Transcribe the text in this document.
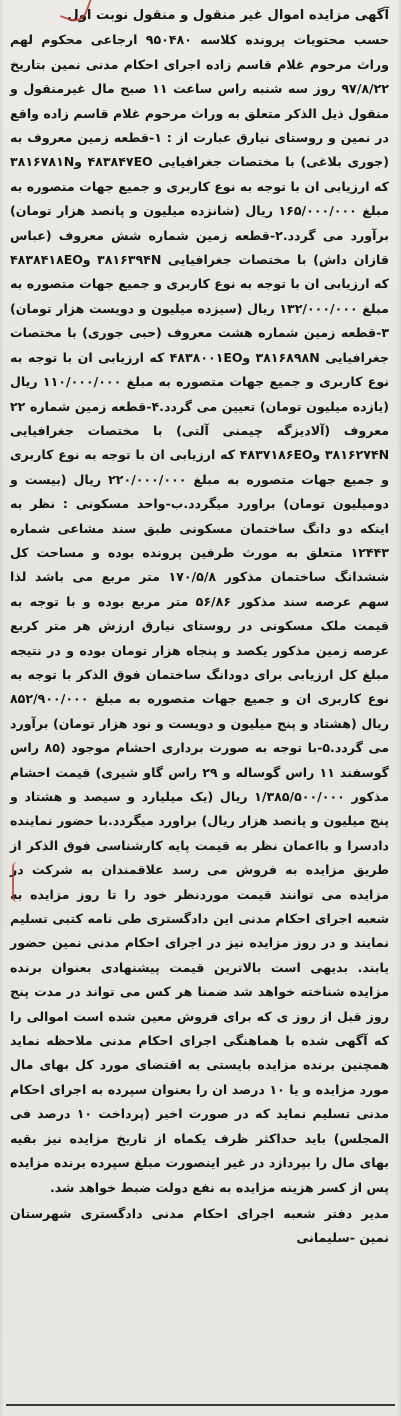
آگهی مزایده اموال غیر منقول و منقول نوبت اول
حسب محتویات پرونده کلاسه ۹۵۰۴۸۰ ارجاعی محکوم لهم وراث مرحوم غلام قاسم زاده اجرای احکام مدنی نمین بتاریخ ۹۷/۸/۲۲ روز سه شنبه راس ساعت ۱۱ صبح مال غیرمنقول و منقول ذیل الذکر متعلق به وراث مرحوم غلام قاسم زاده واقع در نمین و روستای نیارق عبارت از : ۱-قطعه زمین معروف به (جوری بلاغی) با مختصات جغرافیایی ۴۸۳۸۴۷EO و۳۸۱۶۷۸۱N که ارزیابی ان با توجه به نوع کاربری و جمیع جهات متصوره به مبلغ ۱۶۵/۰۰۰/۰۰۰ ریال (شانزده میلیون و پانصد هزار تومان) برآورد می گردد.۲-قطعه زمین شماره شش معروف (عباس قازان داش) با مختصات جغرافیایی ۳۸۱۶۳۹۴N و۴۸۳۸۴۱۸EO که ارزیابی ان با توجه به نوع کاربری و جمیع جهات متصوره به مبلغ ۱۳۲/۰۰۰/۰۰۰ ریال (سیزده میلیون و دویست هزار تومان) ۳-قطعه زمین شماره هشت معروف (حبی جوری) با مختصات جغرافیایی ۳۸۱۶۸۹۸N و۴۸۳۸۰۰۱EO که ارزیابی ان با توجه به نوع کاربری و جمیع جهات متصوره به مبلغ ۱۱۰/۰۰۰/۰۰۰ ریال (یازده میلیون تومان) تعیین می گردد.۴-قطعه زمین شماره ۲۲ معروف (آلادیزگه چیمنی آلتی) با مختصات جغرافیایی ۳۸۱۶۲۷۴N و۴۸۳۷۱۸۶EO که ارزیابی ان با توجه به نوع کاربری و جمیع جهات متصوره به مبلغ ۲۲۰/۰۰۰/۰۰۰ ریال (بیست و دومیلیون تومان) براورد میگردد.ب-واحد مسکونی : نظر به اینکه دو دانگ ساختمان مسکونی طبق سند مشاعی شماره ۱۲۴۴۳ متعلق به مورث طرفین پرونده بوده و مساحت کل ششدانگ ساختمان مذکور ۱۷۰/۵/۸ متر مربع می باشد لذا سهم عرصه سند مذکور ۵۶/۸۶ متر مربع بوده و با توجه به قیمت ملک مسکونی در روستای نیارق ارزش هر متر کربع عرصه زمین مذکور یکصد و پنجاه هزار تومان بوده و در نتیجه مبلغ کل ارزیابی برای دودانگ ساختمان فوق الذکر با توجه به نوع کاربری ان و جمیع جهات متصوره به مبلغ ۸۵۲/۹۰۰/۰۰۰ ریال (هشتاد و پنج میلیون و دویست و نود هزار تومان) برآورد می گردد.۵-با توجه به صورت برداری احشام موجود (۸۵ راس گوسفند ۱۱ راس گوساله و ۲۹ راس گاو شیری) قیمت احشام مذکور ۱/۳۸۵/۵۰۰/۰۰۰ ریال (یک میلیارد و سیصد و هشتاد و پنج میلیون و پانصد هزار ریال) براورد میگردد.با حضور نماینده دادسرا و بااعمان نظر به قیمت پایه کارشناسی فوق الذکر از طریق مزایده به فروش می رسد علاقمندان به شرکت در مزایده می توانند قیمت موردنظر خود را تا روز مزایده به شعبه اجرای احکام مدنی این دادگستری طی نامه کتبی تسلیم نمایند و در روز مزایده نیز در اجرای احکام مدنی نمین حضور یابند. بدیهی است بالاترین قیمت پیشنهادی بعنوان برنده مزایده شناخته خواهد شد ضمنا هر کس می تواند در مدت پنج روز قبل از روز ی که برای فروش معین شده است اموالی را که آگهی شده با هماهنگی اجرای احکام مدنی ملاحظه نماید همچنین برنده مزایده بایستی به اقتضای مورد کل بهای مال مورد مزایده و یا ۱۰ درصد ان را بعنوان سپرده به اجرای احکام مدنی تسلیم نماید که در صورت اخیر (پرداخت ۱۰ درصد فی المجلس) باید حداکثر ظرف یکماه از تاریخ مزایده نیز بقیه بهای مال را بپردازد در غیر اینصورت مبلغ سپرده برنده مزایده پس از کسر هزینه مزایده به نفع دولت ضبط خواهد شد.
مدیر دفتر شعبه اجرای احکام مدنی دادگستری شهرستان نمین -سلیمانی
